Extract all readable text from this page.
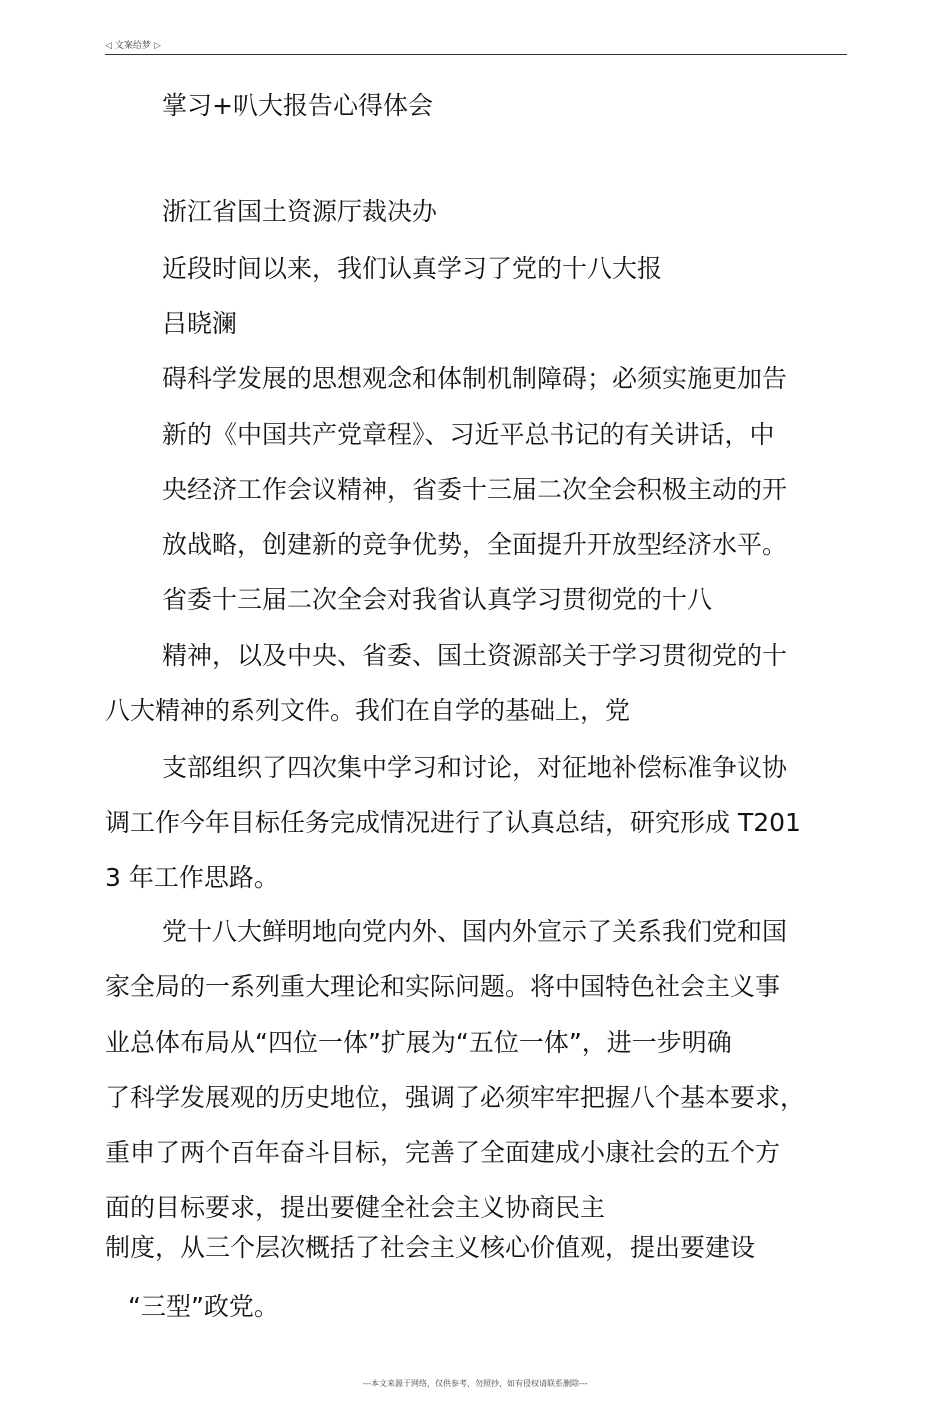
◁ 文案给梦 ▷
掌习+叭大报告心得体会
浙江省国土资源厅裁决办
近段时间以来，我们认真学习了党的十八大报
吕晓澜
碍科学发展的思想观念和体制机制障碍；必须实施更加告
新的《中国共产党章程》、习近平总书记的有关讲话，中
央经济工作会议精神，省委十三届二次全会积极主动的开
放战略，创建新的竞争优势，全面提升开放型经济水平。
省委十三届二次全会对我省认真学习贯彻党的十八
精神，以及中央、省委、国土资源部关于学习贯彻党的十
八大精神的系列文件。我们在自学的基础上，党
支部组织了四次集中学习和讨论，对征地补偿标准争议协
调工作今年目标任务完成情况进行了认真总结，研究形成 T201
3 年工作思路。
党十八大鲜明地向党内外、国内外宣示了关系我们党和国
家全局的一系列重大理论和实际问题。将中国特色社会主义事
业总体布局从“四位一体”扩展为“五位一体”，进一步明确
了科学发展观的历史地位，强调了必须牢牢把握八个基本要求，
重申了两个百年奋斗目标，完善了全面建成小康社会的五个方
面的目标要求，提出要健全社会主义协商民主
制度，从三个层次概括了社会主义核心价值观，提出要建设
“三型”政党。
---本文来源于网络，仅供参考，勿照抄，如有侵权请联系删除---
